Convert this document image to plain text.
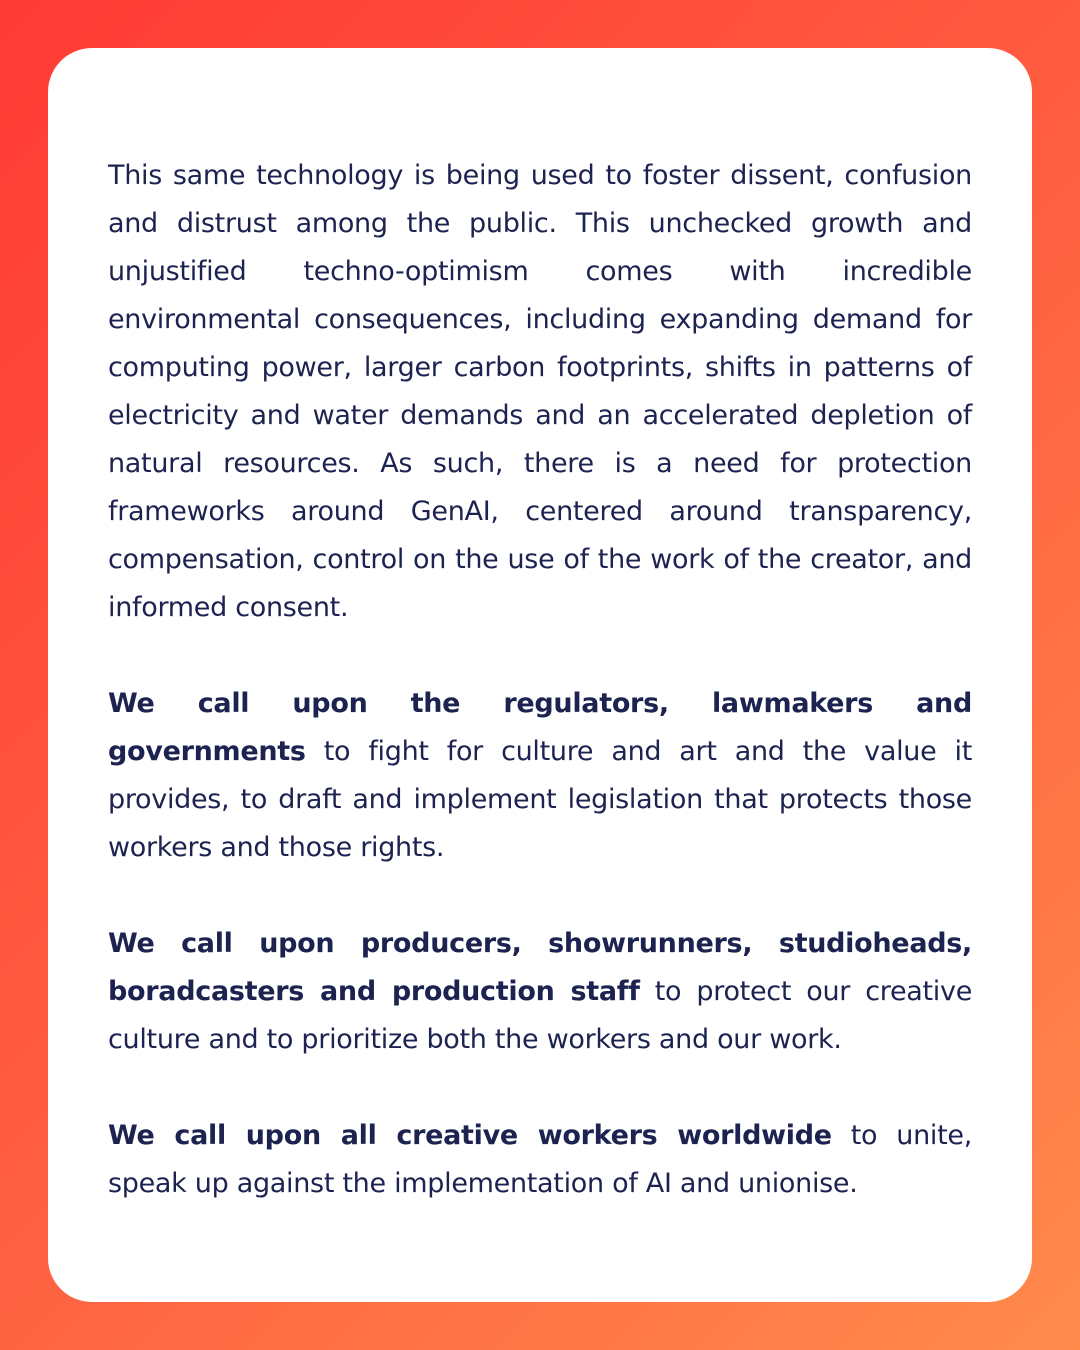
This same technology is being used to foster dissent, confusion and distrust among the public. This unchecked growth and unjustified techno-optimism comes with incredible environmental consequences, including expanding demand for computing power, larger carbon footprints, shifts in patterns of electricity and water demands and an accelerated depletion of natural resources. As such, there is a need for protection frameworks around GenAI, centered around transparency, compensation, control on the use of the work of the creator, and informed consent.

We call upon the regulators, lawmakers and governments to fight for culture and art and the value it provides, to draft and implement legislation that protects those workers and those rights.

We call upon producers, showrunners, studioheads, boradcasters and production staff to protect our creative culture and to prioritize both the workers and our work.

We call upon all creative workers worldwide to unite, speak up against the implementation of AI and unionise.
